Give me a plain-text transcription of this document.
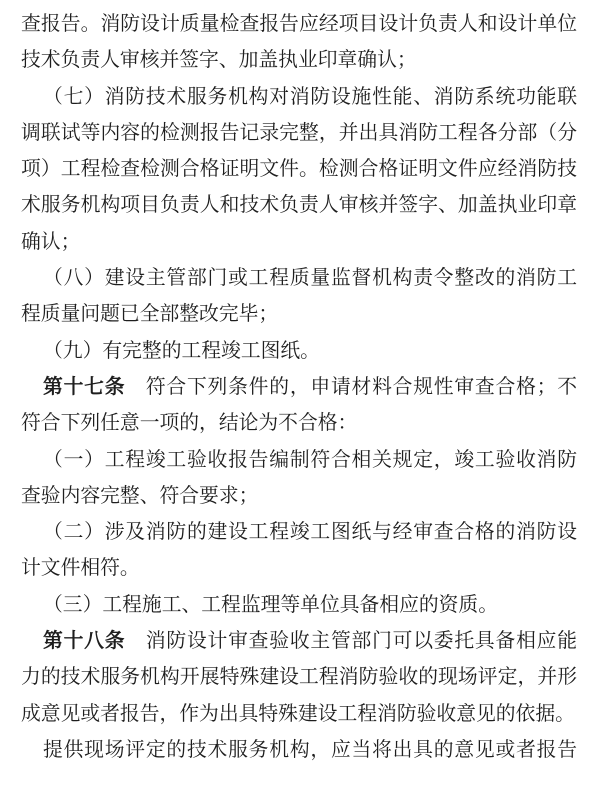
查报告。消防设计质量检查报告应经项目设计负责人和设计单位技术负责人审核并签字、加盖执业印章确认；

（七）消防技术服务机构对消防设施性能、消防系统功能联调联试等内容的检测报告记录完整，并出具消防工程各分部（分项）工程检查检测合格证明文件。检测合格证明文件应经消防技术服务机构项目负责人和技术负责人审核并签字、加盖执业印章确认；

（八）建设主管部门或工程质量监督机构责令整改的消防工程质量问题已全部整改完毕；

（九）有完整的工程竣工图纸。

第十七条　符合下列条件的，申请材料合规性审查合格；不符合下列任意一项的，结论为不合格：

（一）工程竣工验收报告编制符合相关规定，竣工验收消防查验内容完整、符合要求；

（二）涉及消防的建设工程竣工图纸与经审查合格的消防设计文件相符。

（三）工程施工、工程监理等单位具备相应的资质。

第十八条　消防设计审查验收主管部门可以委托具备相应能力的技术服务机构开展特殊建设工程消防验收的现场评定，并形成意见或者报告，作为出具特殊建设工程消防验收意见的依据。

提供现场评定的技术服务机构，应当将出具的意见或者报告
